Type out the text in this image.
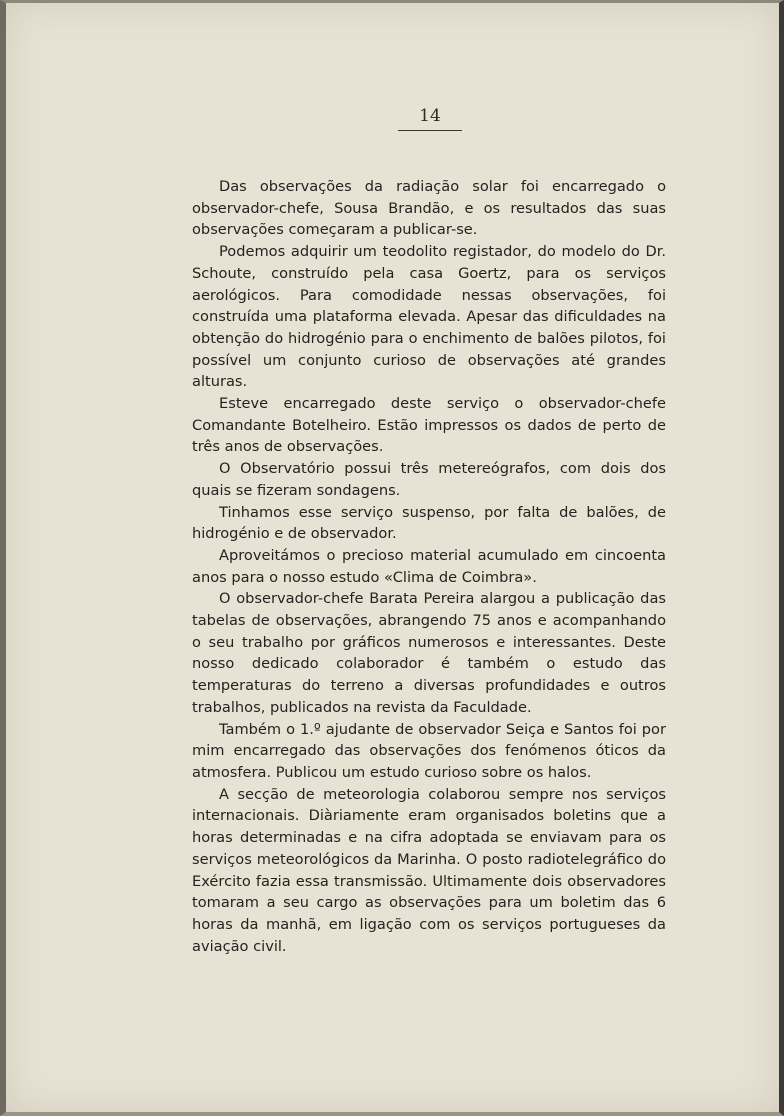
14

Das observações da radiação solar foi encarregado o observador-chefe, Sousa Brandão, e os resultados das suas observações começaram a publicar-se.

Podemos adquirir um teodolito registador, do modelo do Dr. Schoute, construído pela casa Goertz, para os serviços aerológicos. Para comodidade nessas observações, foi construída uma plataforma elevada. Apesar das dificuldades na obtenção do hidrogénio para o enchimento de balões pilotos, foi possível um conjunto curioso de observações até grandes alturas.

Esteve encarregado deste serviço o observador-chefe Comandante Botelheiro. Estão impressos os dados de perto de três anos de observações.

O Observatório possui três metereógrafos, com dois dos quais se fizeram sondagens.

Tinhamos esse serviço suspenso, por falta de balões, de hidrogénio e de observador.

Aproveitámos o precioso material acumulado em cincoenta anos para o nosso estudo «Clima de Coimbra».

O observador-chefe Barata Pereira alargou a publicação das tabelas de observações, abrangendo 75 anos e acompanhando o seu trabalho por gráficos numerosos e interessantes. Deste nosso dedicado colaborador é também o estudo das temperaturas do terreno a diversas profundidades e outros trabalhos, publicados na revista da Faculdade.

Também o 1.º ajudante de observador Seiça e Santos foi por mim encarregado das observações dos fenómenos óticos da atmosfera. Publicou um estudo curioso sobre os halos.

A secção de meteorologia colaborou sempre nos serviços internacionais. Diàriamente eram organisados boletins que a horas determinadas e na cifra adoptada se enviavam para os serviços meteorológicos da Marinha. O posto radiotelegráfico do Exército fazia essa transmissão. Ultimamente dois observadores tomaram a seu cargo as observações para um boletim das 6 horas da manhã, em ligação com os serviços portugueses da aviação civil.
